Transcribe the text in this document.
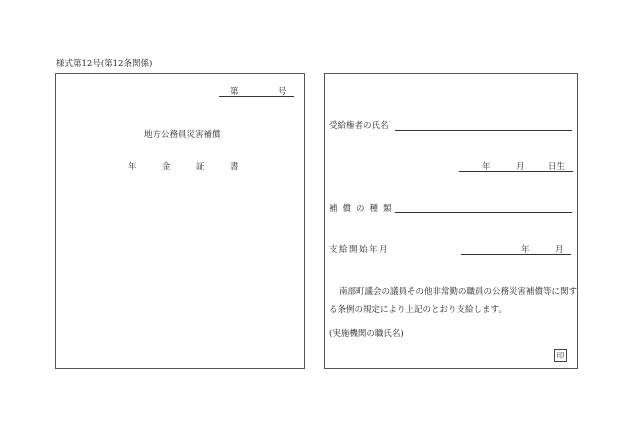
様式第12号(第12条関係)
第	号
地方公務員災害補償
年	金	証	書
受給権者の氏名
年	月	日生
補償の種類
支給開始年月	年	月
南部町議会の議員その他非常勤の職員の公務災害補償等に関す
る条例の規定により上記のとおり支給します。
(実施機関の職氏名)
印
